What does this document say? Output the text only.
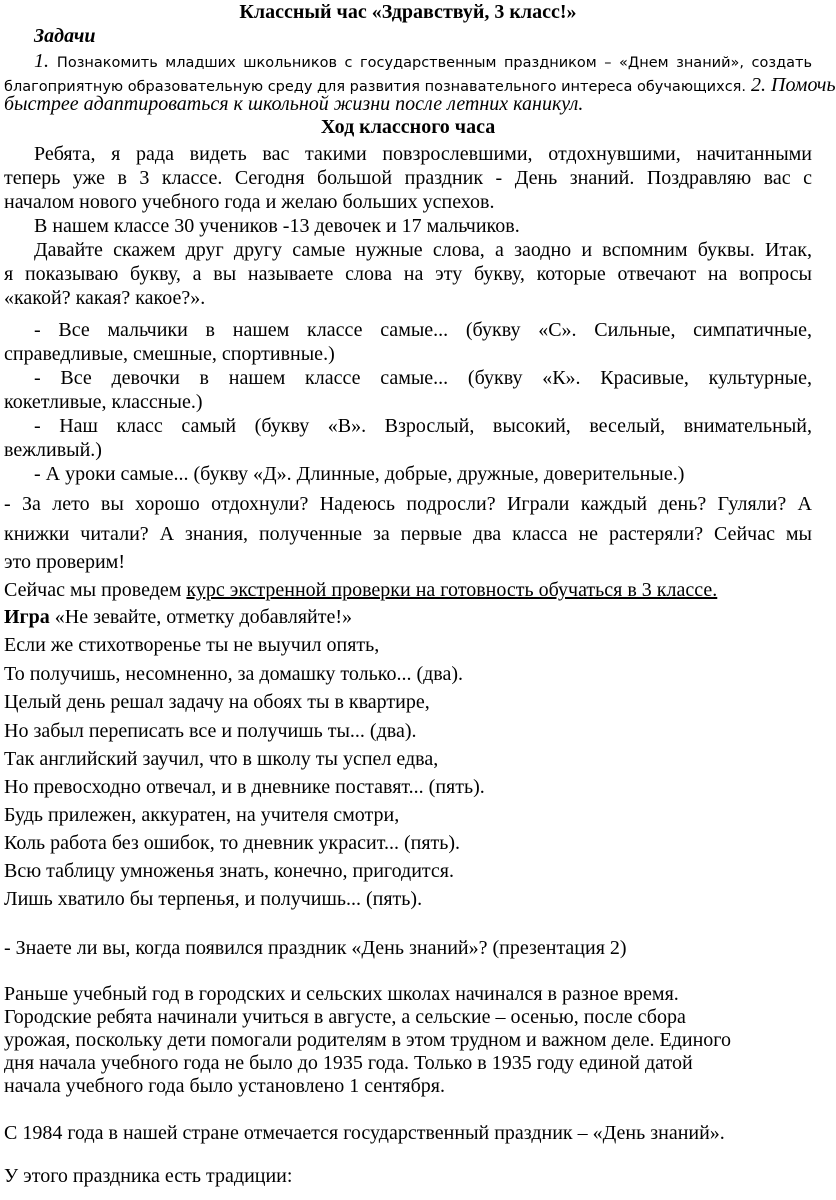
Классный час «Здравствуй, 3 класс!»
Задачи
1. Познакомить младших школьников с государственным праздником – «Днем знаний», создать
благоприятную образовательную среду для развития познавательного интереса обучающихся. 2. Помочь
быстрее адаптироваться к школьной жизни после летних каникул.
Ход классного часа
Ребята, я рада видеть вас такими повзрослевшими, отдохнувшими, начитанными
теперь уже в 3 классе. Сегодня большой праздник - День знаний. Поздравляю вас с
началом нового учебного года и желаю больших успехов.
В нашем классе 30 учеников -13 девочек и 17 мальчиков.
Давайте скажем друг другу самые нужные слова, а заодно и вспомним буквы. Итак,
я показываю букву, а вы называете слова на эту букву, которые отвечают на вопросы
«какой? какая? какое?».
- Все мальчики в нашем классе самые... (букву «С». Сильные, симпатичные,
справедливые, смешные, спортивные.)
- Все девочки в нашем классе самые... (букву «К». Красивые, культурные,
кокетливые, классные.)
- Наш класс самый (букву «В». Взрослый, высокий, веселый, внимательный,
вежливый.)
- А уроки самые... (букву «Д». Длинные, добрые, дружные, доверительные.)
- За лето вы хорошо отдохнули? Надеюсь подросли? Играли каждый день? Гуляли? А
книжки читали? А знания, полученные за первые два класса не растеряли? Сейчас мы
это проверим!
Сейчас мы проведем курс экстренной проверки на готовность обучаться в 3 классе.
Игра «Не зевайте, отметку добавляйте!»
Если же стихотворенье ты не выучил опять,
То получишь, несомненно, за домашку только... (два).
Целый день решал задачу на обоях ты в квартире,
Но забыл переписать все и получишь ты... (два).
Так английский заучил, что в школу ты успел едва,
Но превосходно отвечал, и в дневнике поставят... (пять).
Будь прилежен, аккуратен, на учителя смотри,
Коль работа без ошибок, то дневник украсит... (пять).
Всю таблицу умноженья знать, конечно, пригодится.
Лишь хватило бы терпенья, и получишь... (пять).
- Знаете ли вы, когда появился праздник «День знаний»? (презентация 2)
Раньше учебный год в городских и сельских школах начинался в разное время.
Городские ребята начинали учиться в августе, а сельские – осенью, после сбора
урожая, поскольку дети помогали родителям в этом трудном и важном деле. Единого
дня начала учебного года не было до 1935 года. Только в 1935 году единой датой
начала учебного года было установлено 1 сентября.
С 1984 года в нашей стране отмечается государственный праздник – «День знаний».
У этого праздника есть традиции:
